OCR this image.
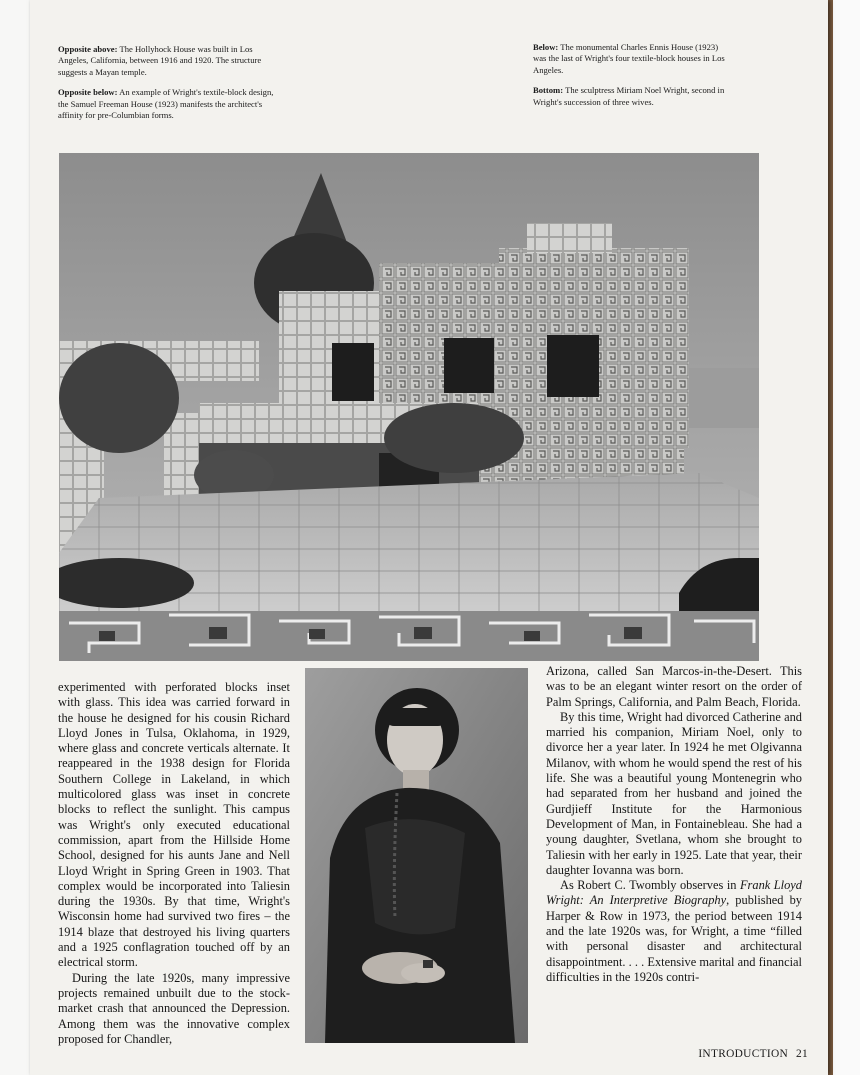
Opposite above: The Hollyhock House was built in Los Angeles, California, between 1916 and 1920. The structure suggests a Mayan temple.

Opposite below: An example of Wright's textile-block design, the Samuel Freeman House (1923) manifests the architect's affinity for pre-Columbian forms.

Below: The monumental Charles Ennis House (1923) was the last of Wright's four textile-block houses in Los Angeles.

Bottom: The sculptress Miriam Noel Wright, second in Wright's succession of three wives.

experimented with perforated blocks inset with glass. This idea was carried forward in the house he designed for his cousin Richard Lloyd Jones in Tulsa, Oklahoma, in 1929, where glass and concrete verticals alternate. It reappeared in the 1938 design for Florida Southern College in Lakeland, in which multicolored glass was inset in concrete blocks to reflect the sunlight. This campus was Wright's only executed educational commission, apart from the Hillside Home School, designed for his aunts Jane and Nell Lloyd Wright in Spring Green in 1903. That complex would be incorporated into Taliesin during the 1930s. By that time, Wright's Wisconsin home had survived two fires – the 1914 blaze that destroyed his living quarters and a 1925 conflagration touched off by an electrical storm.

During the late 1920s, many impressive projects remained unbuilt due to the stock-market crash that announced the Depression. Among them was the innovative complex proposed for Chandler,

Arizona, called San Marcos-in-the-Desert. This was to be an elegant winter resort on the order of Palm Springs, California, and Palm Beach, Florida.

By this time, Wright had divorced Catherine and married his companion, Miriam Noel, only to divorce her a year later. In 1924 he met Olgivanna Milanov, with whom he would spend the rest of his life. She was a beautiful young Montenegrin who had separated from her husband and joined the Gurdjieff Institute for the Harmonious Development of Man, in Fontainebleau. She had a young daughter, Svetlana, whom she brought to Taliesin with her early in 1925. Late that year, their daughter Iovanna was born.

As Robert C. Twombly observes in Frank Lloyd Wright: An Interpretive Biography, published by Harper & Row in 1973, the period between 1914 and the late 1920s was, for Wright, a time “filled with personal disaster and architectural disappointment. . . . Extensive marital and financial difficulties in the 1920s contri-

INTRODUCTION 21
